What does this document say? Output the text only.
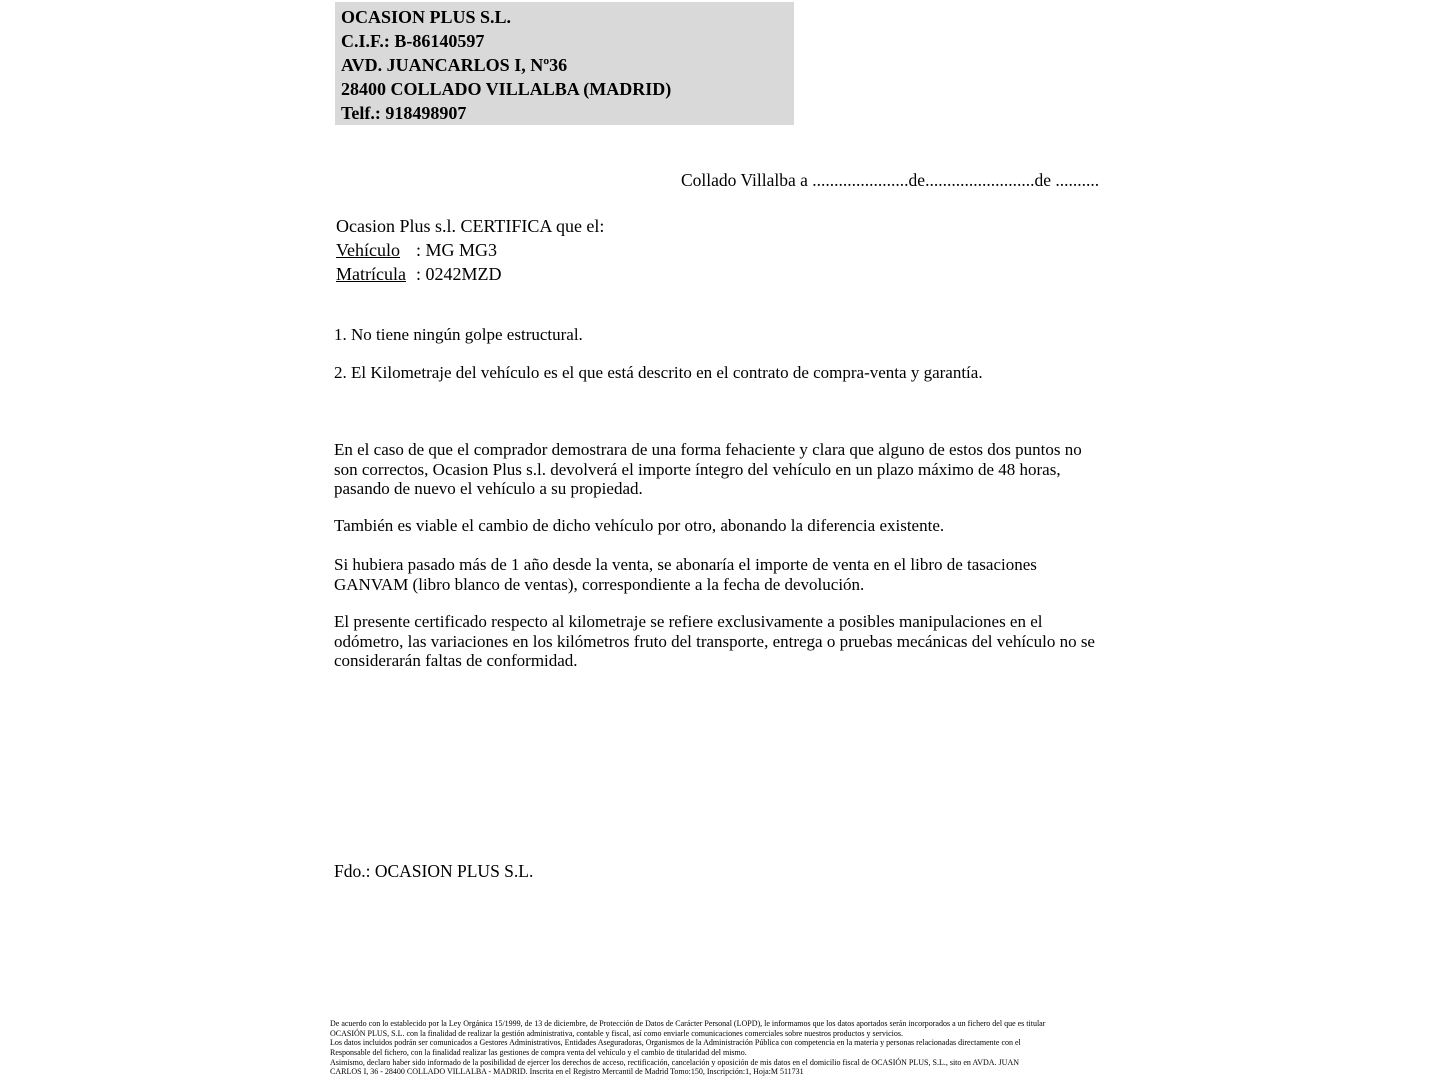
OCASION PLUS S.L.
C.I.F.: B-86140597
AVD. JUANCARLOS I, Nº36
28400 COLLADO VILLALBA (MADRID)
Telf.: 918498907
Collado Villalba a ......................de.........................de ..........
Ocasion Plus s.l. CERTIFICA que el:
Vehículo : MG MG3
Matrícula : 0242MZD
1. No tiene ningún golpe estructural.
2. El Kilometraje del vehículo es el que está descrito en el contrato de compra-venta y garantía.
En el caso de que el comprador demostrara de una forma fehaciente y clara que alguno de estos dos puntos no son correctos, Ocasion Plus s.l. devolverá el importe íntegro del vehículo en un plazo máximo de 48 horas, pasando de nuevo el vehículo a su propiedad.
También es viable el cambio de dicho vehículo por otro, abonando la diferencia existente.
Si hubiera pasado más de 1 año desde la venta, se abonaría el importe de venta en el libro de tasaciones GANVAM (libro blanco de ventas), correspondiente a la fecha de devolución.
El presente certificado respecto al kilometraje se refiere exclusivamente a posibles manipulaciones en el odómetro, las variaciones en los kilómetros fruto del transporte, entrega o pruebas mecánicas del vehículo no se considerarán faltas de conformidad.
Fdo.: OCASION PLUS S.L.
De acuerdo con lo establecido por la Ley Orgánica 15/1999, de 13 de diciembre, de Protección de Datos de Carácter Personal (LOPD), le informamos que los datos aportados serán incorporados a un fichero del que es titular
OCASIÓN PLUS, S.L. con la finalidad de realizar la gestión administrativa, contable y fiscal, así como enviarle comunicaciones comerciales sobre nuestros productos y servicios.
Los datos incluidos podrán ser comunicados a Gestores Administrativos, Entidades Aseguradoras, Organismos de la Administración Pública con competencia en la materia y personas relacionadas directamente con el
Responsable del fichero, con la finalidad realizar las gestiones de compra venta del vehículo y el cambio de titularidad del mismo.
Asimismo, declaro haber sido informado de la posibilidad de ejercer los derechos de acceso, rectificación, cancelación y oposición de mis datos en el domicilio fiscal de OCASIÓN PLUS, S.L., sito en AVDA. JUAN
CARLOS I, 36 - 28400 COLLADO VILLALBA - MADRID. Inscrita en el Registro Mercantil de Madrid Tomo:150, Inscripción:1, Hoja:M 511731
